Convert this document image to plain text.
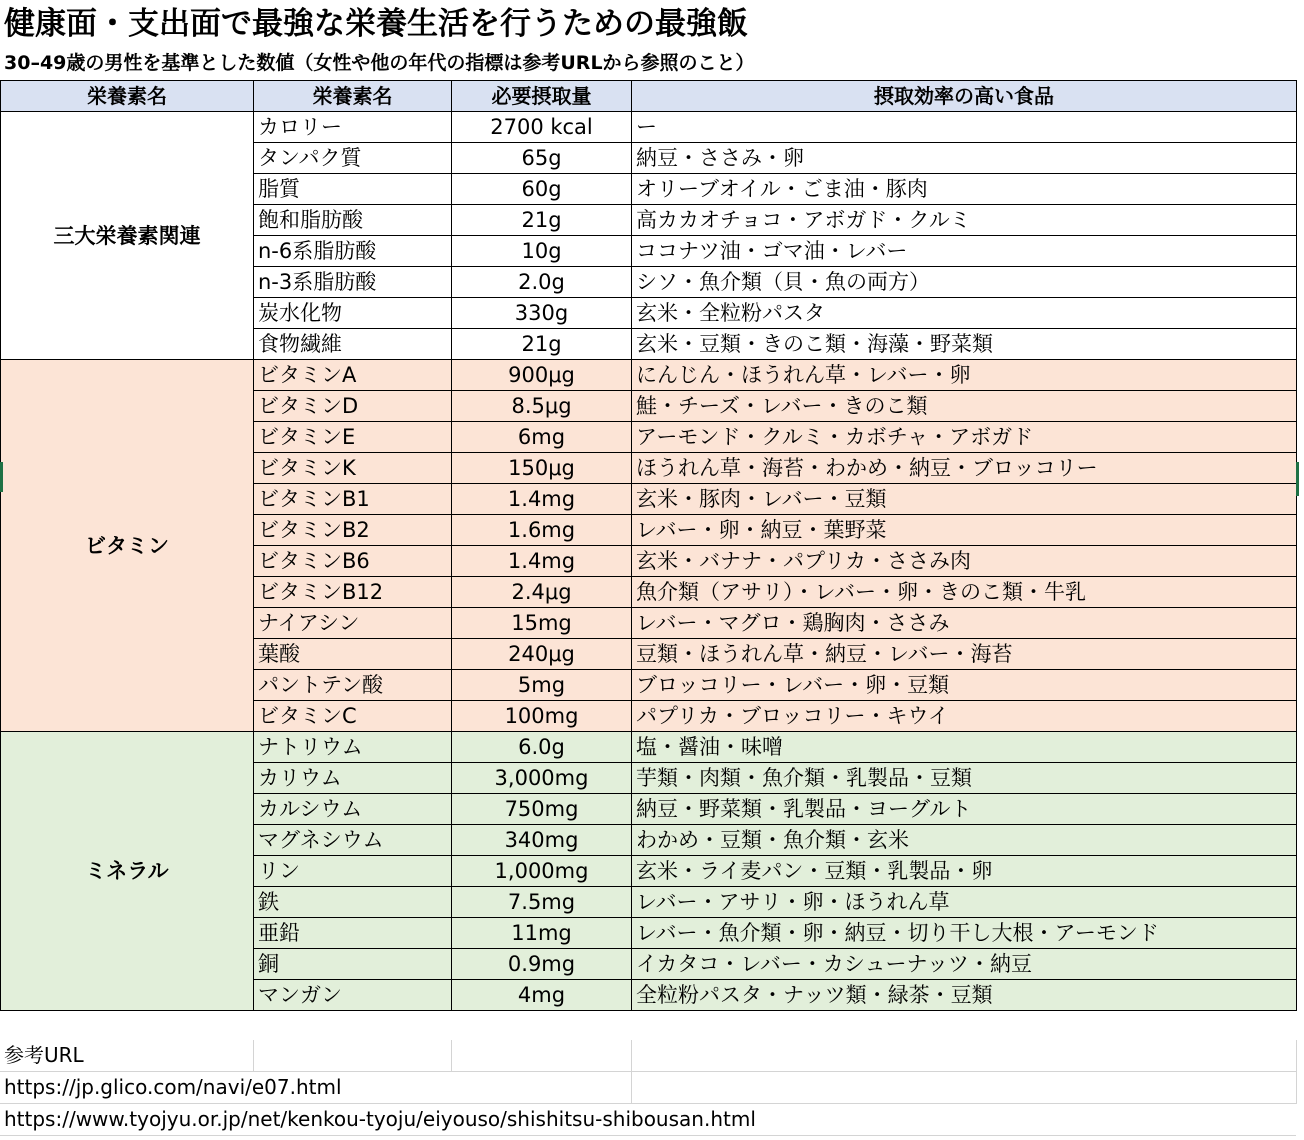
健康面・支出面で最強な栄養生活を行うための最強飯
30–49歳の男性を基準とした数値（女性や他の年代の指標は参考URLから参照のこと）
栄養素名	栄養素名	必要摂取量	摂取効率の高い食品
三大栄養素関連	カロリー	2700 kcal	ー
	タンパク質	65g	納豆・ささみ・卵
	脂質	60g	オリーブオイル・ごま油・豚肉
	飽和脂肪酸	21g	高カカオチョコ・アボガド・クルミ
	n-6系脂肪酸	10g	ココナツ油・ゴマ油・レバー
	n-3系脂肪酸	2.0g	シソ・魚介類（貝・魚の両方）
	炭水化物	330g	玄米・全粒粉パスタ
	食物繊維	21g	玄米・豆類・きのこ類・海藻・野菜類
ビタミン	ビタミンA	900μg	にんじん・ほうれん草・レバー・卵
	ビタミンD	8.5μg	鮭・チーズ・レバー・きのこ類
	ビタミンE	6mg	アーモンド・クルミ・カボチャ・アボガド
	ビタミンK	150μg	ほうれん草・海苔・わかめ・納豆・ブロッコリー
	ビタミンB1	1.4mg	玄米・豚肉・レバー・豆類
	ビタミンB2	1.6mg	レバー・卵・納豆・葉野菜
	ビタミンB6	1.4mg	玄米・バナナ・パプリカ・ささみ肉
	ビタミンB12	2.4μg	魚介類（アサリ）・レバー・卵・きのこ類・牛乳
	ナイアシン	15mg	レバー・マグロ・鶏胸肉・ささみ
	葉酸	240μg	豆類・ほうれん草・納豆・レバー・海苔
	パントテン酸	5mg	ブロッコリー・レバー・卵・豆類
	ビタミンC	100mg	パプリカ・ブロッコリー・キウイ
ミネラル	ナトリウム	6.0g	塩・醤油・味噌
	カリウム	3,000mg	芋類・肉類・魚介類・乳製品・豆類
	カルシウム	750mg	納豆・野菜類・乳製品・ヨーグルト
	マグネシウム	340mg	わかめ・豆類・魚介類・玄米
	リン	1,000mg	玄米・ライ麦パン・豆類・乳製品・卵
	鉄	7.5mg	レバー・アサリ・卵・ほうれん草
	亜鉛	11mg	レバー・魚介類・卵・納豆・切り干し大根・アーモンド
	銅	0.9mg	イカタコ・レバー・カシューナッツ・納豆
	マンガン	4mg	全粒粉パスタ・ナッツ類・緑茶・豆類
参考URL			
https://jp.glico.com/navi/e07.html			
https://www.tyojyu.or.jp/net/kenkou-tyoju/eiyouso/shishitsu-shibousan.html			
